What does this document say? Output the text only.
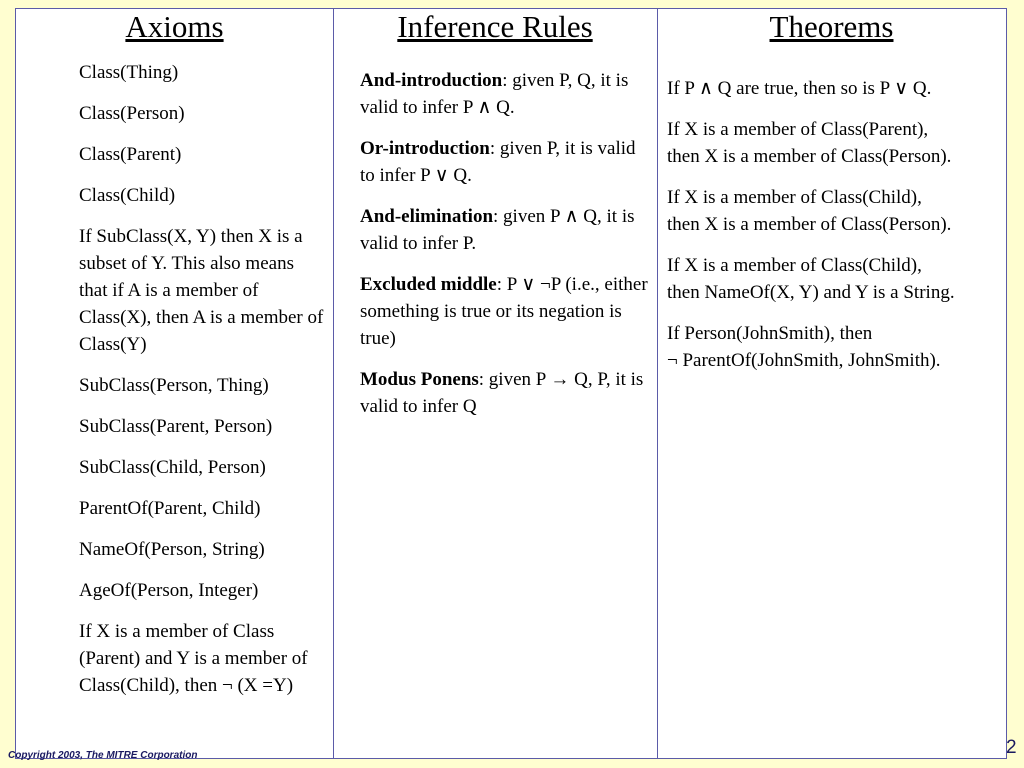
Axioms
Class(Thing)
Class(Person)
Class(Parent)
Class(Child)
If SubClass(X, Y) then X is a subset of Y. This also means that if A is a member of Class(X), then A is a member of Class(Y)
SubClass(Person, Thing)
SubClass(Parent, Person)
SubClass(Child, Person)
ParentOf(Parent, Child)
NameOf(Person, String)
AgeOf(Person, Integer)
If X is a member of Class (Parent) and Y is a member of Class(Child), then ¬ (X =Y)
Inference Rules
And-introduction: given P, Q, it is valid to infer P ∧ Q.
Or-introduction: given P, it is valid to infer P ∨ Q.
And-elimination: given P ∧ Q, it is valid to infer P.
Excluded middle: P ∨ ¬P (i.e., either something is true or its negation is true)
Modus Ponens: given P → Q, P, it is valid to infer Q
Theorems
If P ∧ Q are true, then so is P ∨ Q.
If X is a member of Class(Parent),
then X is a member of Class(Person).
If X is a member of Class(Child),
then X is a member of Class(Person).
If X is a member of Class(Child),
then NameOf(X, Y) and Y is a String.
If Person(JohnSmith), then
¬ ParentOf(JohnSmith, JohnSmith).
Copyright 2003, The MITRE Corporation	2
